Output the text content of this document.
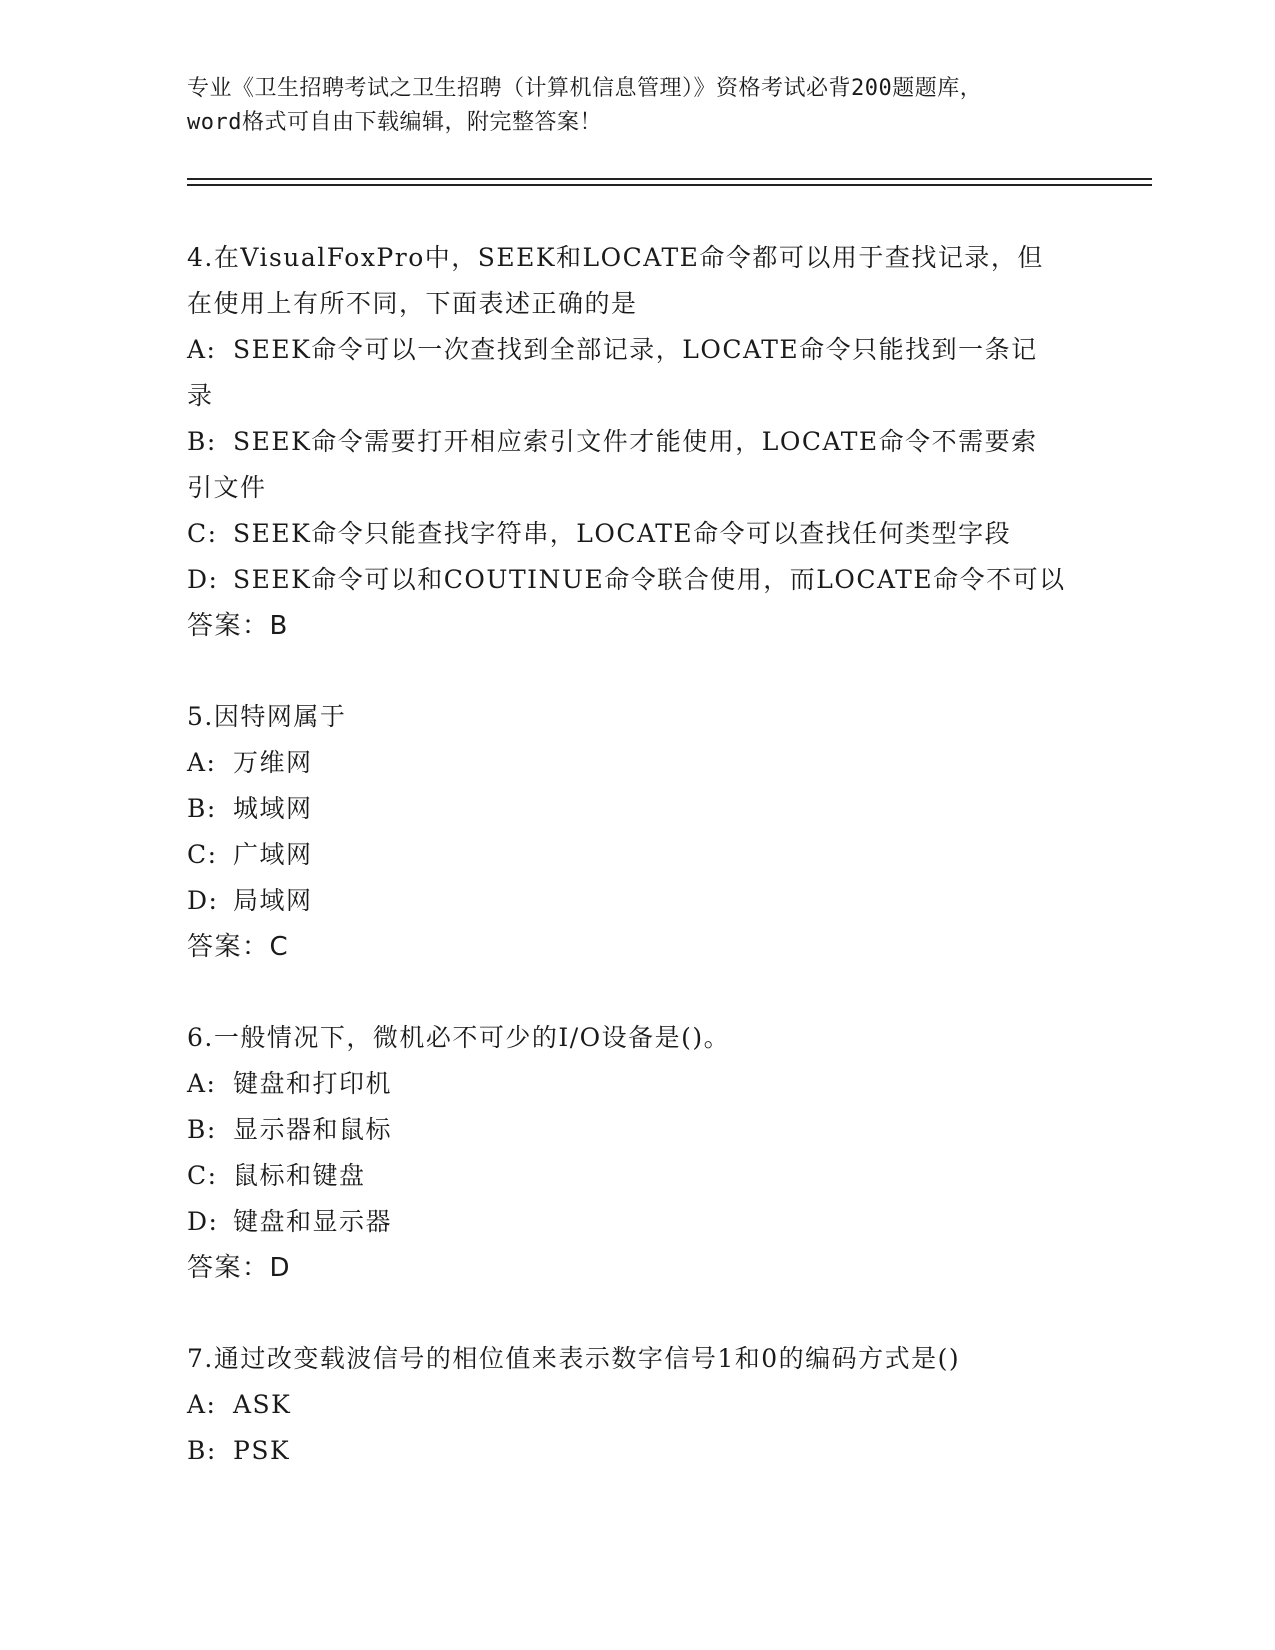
专业《卫生招聘考试之卫生招聘（计算机信息管理）》资格考试必背200题题库，
word格式可自由下载编辑，附完整答案！
4.在VisualFoxPro中，SEEK和LOCATE命令都可以用于查找记录，但
在使用上有所不同，下面表述正确的是
A: SEEK命令可以一次查找到全部记录，LOCATE命令只能找到一条记
录
B: SEEK命令需要打开相应索引文件才能使用，LOCATE命令不需要索
引文件
C: SEEK命令只能查找字符串，LOCATE命令可以查找任何类型字段
D: SEEK命令可以和COUTINUE命令联合使用，而LOCATE命令不可以
答案：B
5.因特网属于
A: 万维网
B: 城域网
C: 广域网
D: 局域网
答案：C
6.一般情况下，微机必不可少的I/O设备是()。
A: 键盘和打印机
B: 显示器和鼠标
C: 鼠标和键盘
D: 键盘和显示器
答案：D
7.通过改变载波信号的相位值来表示数字信号1和0的编码方式是()
A: ASK
B: PSK
